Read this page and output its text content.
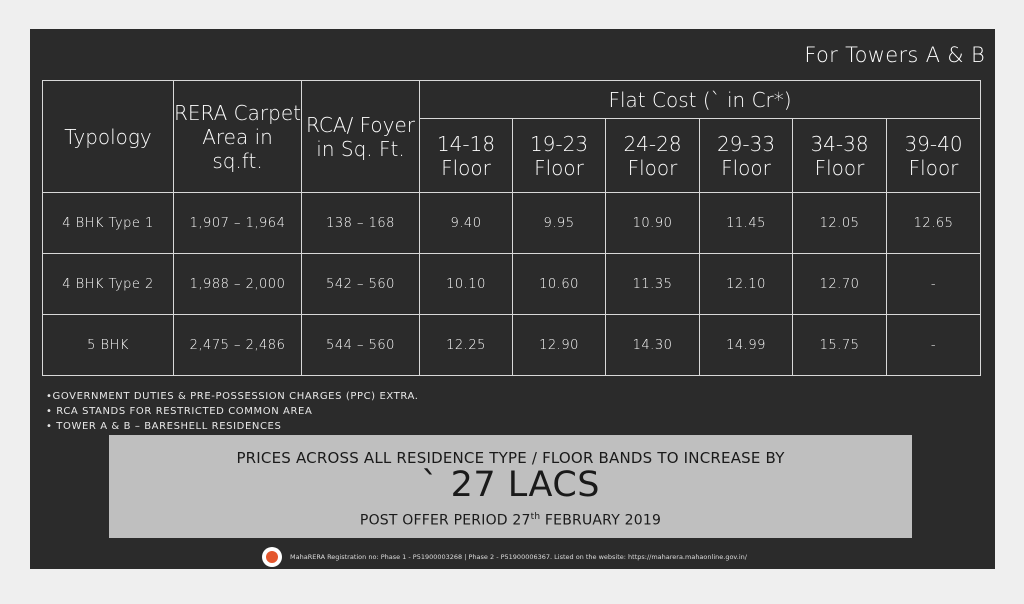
For Towers A & B
Typology	RERA Carpet Area in sq.ft.	RCA/ Foyer in Sq. Ft.	Flat Cost (` in Cr*)					
			14-18 Floor	19-23 Floor	24-28 Floor	29-33 Floor	34-38 Floor	39-40 Floor
4 BHK Type 1	1,907 – 1,964	138 – 168	9.40	9.95	10.90	11.45	12.05	12.65
4 BHK Type 2	1,988 – 2,000	542 – 560	10.10	10.60	11.35	12.10	12.70	-
5 BHK	2,475 – 2,486	544 – 560	12.25	12.90	14.30	14.99	15.75	-
•GOVERNMENT DUTIES & PRE-POSSESSION CHARGES (PPC) EXTRA.
• RCA STANDS FOR RESTRICTED COMMON AREA
• TOWER A & B – BARESHELL RESIDENCES
PRICES ACROSS ALL RESIDENCE TYPE / FLOOR BANDS TO INCREASE BY
` 27 LACS
POST OFFER PERIOD 27th FEBRUARY 2019
MahaRERA Registration no: Phase 1 - P51900003268 | Phase 2 - P51900006367. Listed on the website: https://maharera.mahaonline.gov.in/
